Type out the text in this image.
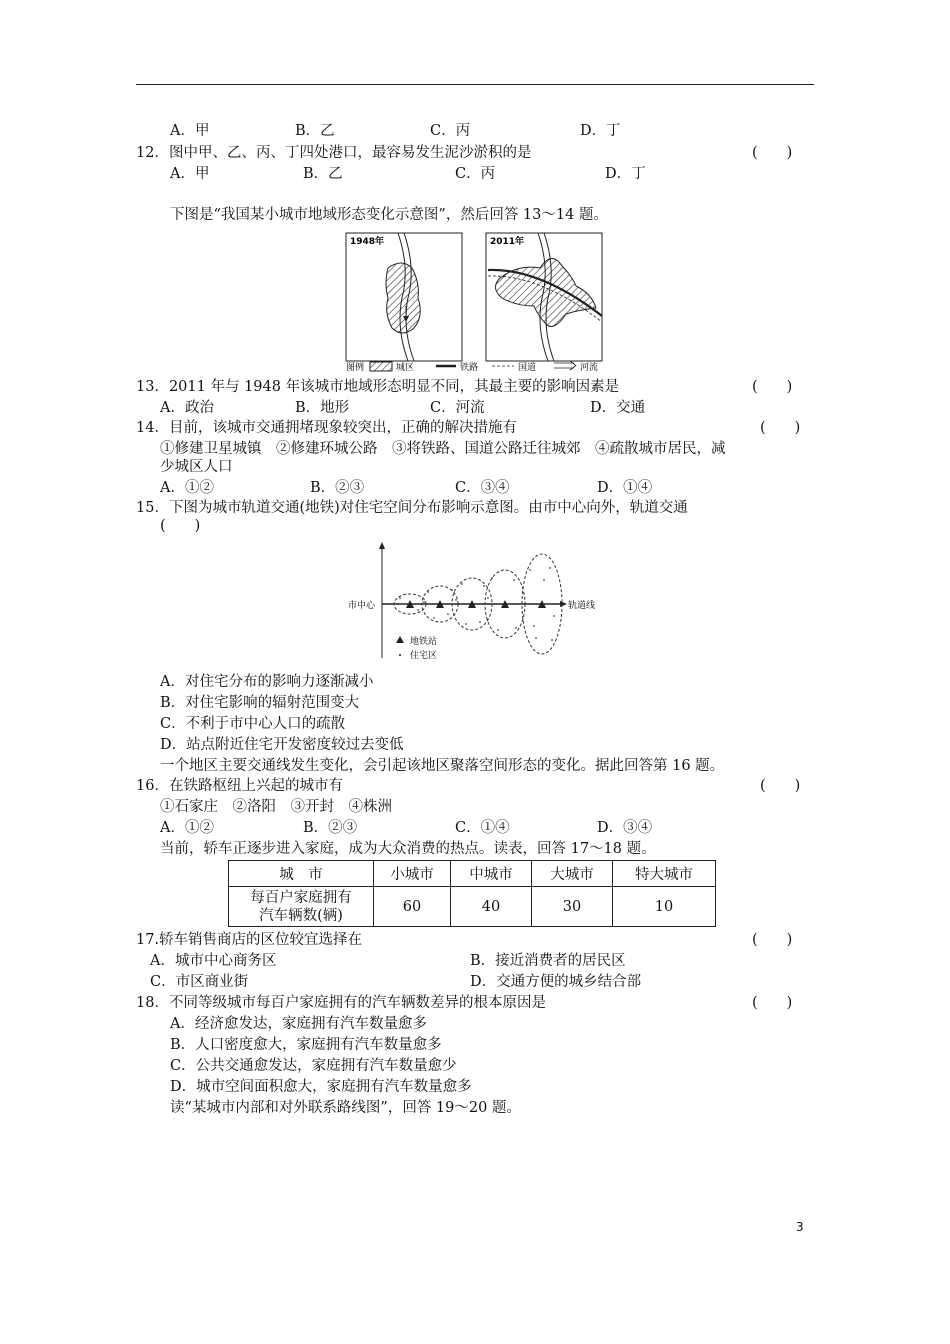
A．甲	B．乙	C．丙	D．丁
12．图中甲、乙、丙、丁四处港口，最容易发生泥沙淤积的是	(　　)
A．甲	B．乙	C．丙	D．丁
下图是“我国某小城市地域形态变化示意图”，然后回答 13～14 题。
1948年	2011年
图例	城区	铁路	国道	河流
13．2011 年与 1948 年该城市地域形态明显不同，其最主要的影响因素是	(　　)
A．政治	B．地形	C．河流	D．交通
14．目前，该城市交通拥堵现象较突出，正确的解决措施有	(　　)
①修建卫星城镇　②修建环城公路　③将铁路、国道公路迁往城郊　④疏散城市居民，减
少城区人口
A．①②	B．②③	C．③④	D．①④
15．下图为城市轨道交通(地铁)对住宅空间分布影响示意图。由市中心向外，轨道交通
(　　)
市中心	轨道线
地铁站
住宅区
A．对住宅分布的影响力逐渐减小
B．对住宅影响的辐射范围变大
C．不利于市中心人口的疏散
D．站点附近住宅开发密度较过去变低
一个地区主要交通线发生变化，会引起该地区聚落空间形态的变化。据此回答第 16 题。
16．在铁路枢纽上兴起的城市有	(　　)
①石家庄　②洛阳　③开封　④株洲
A．①②	B．②③	C．①④	D．③④
当前，轿车正逐步进入家庭，成为大众消费的热点。读表，回答 17～18 题。
城　市	小城市	中城市	大城市	特大城市

每百户家庭拥有
汽车辆数(辆)	60	40	30	10
17.轿车销售商店的区位较宜选择在	(　　)
A．城市中心商务区	B．接近消费者的居民区
C．市区商业街	D．交通方便的城乡结合部
18．不同等级城市每百户家庭拥有的汽车辆数差异的根本原因是	(　　)
A．经济愈发达，家庭拥有汽车数量愈多
B．人口密度愈大，家庭拥有汽车数量愈多
C．公共交通愈发达，家庭拥有汽车数量愈少
D．城市空间面积愈大，家庭拥有汽车数量愈多
读“某城市内部和对外联系路线图”，回答 19～20 题。
3
